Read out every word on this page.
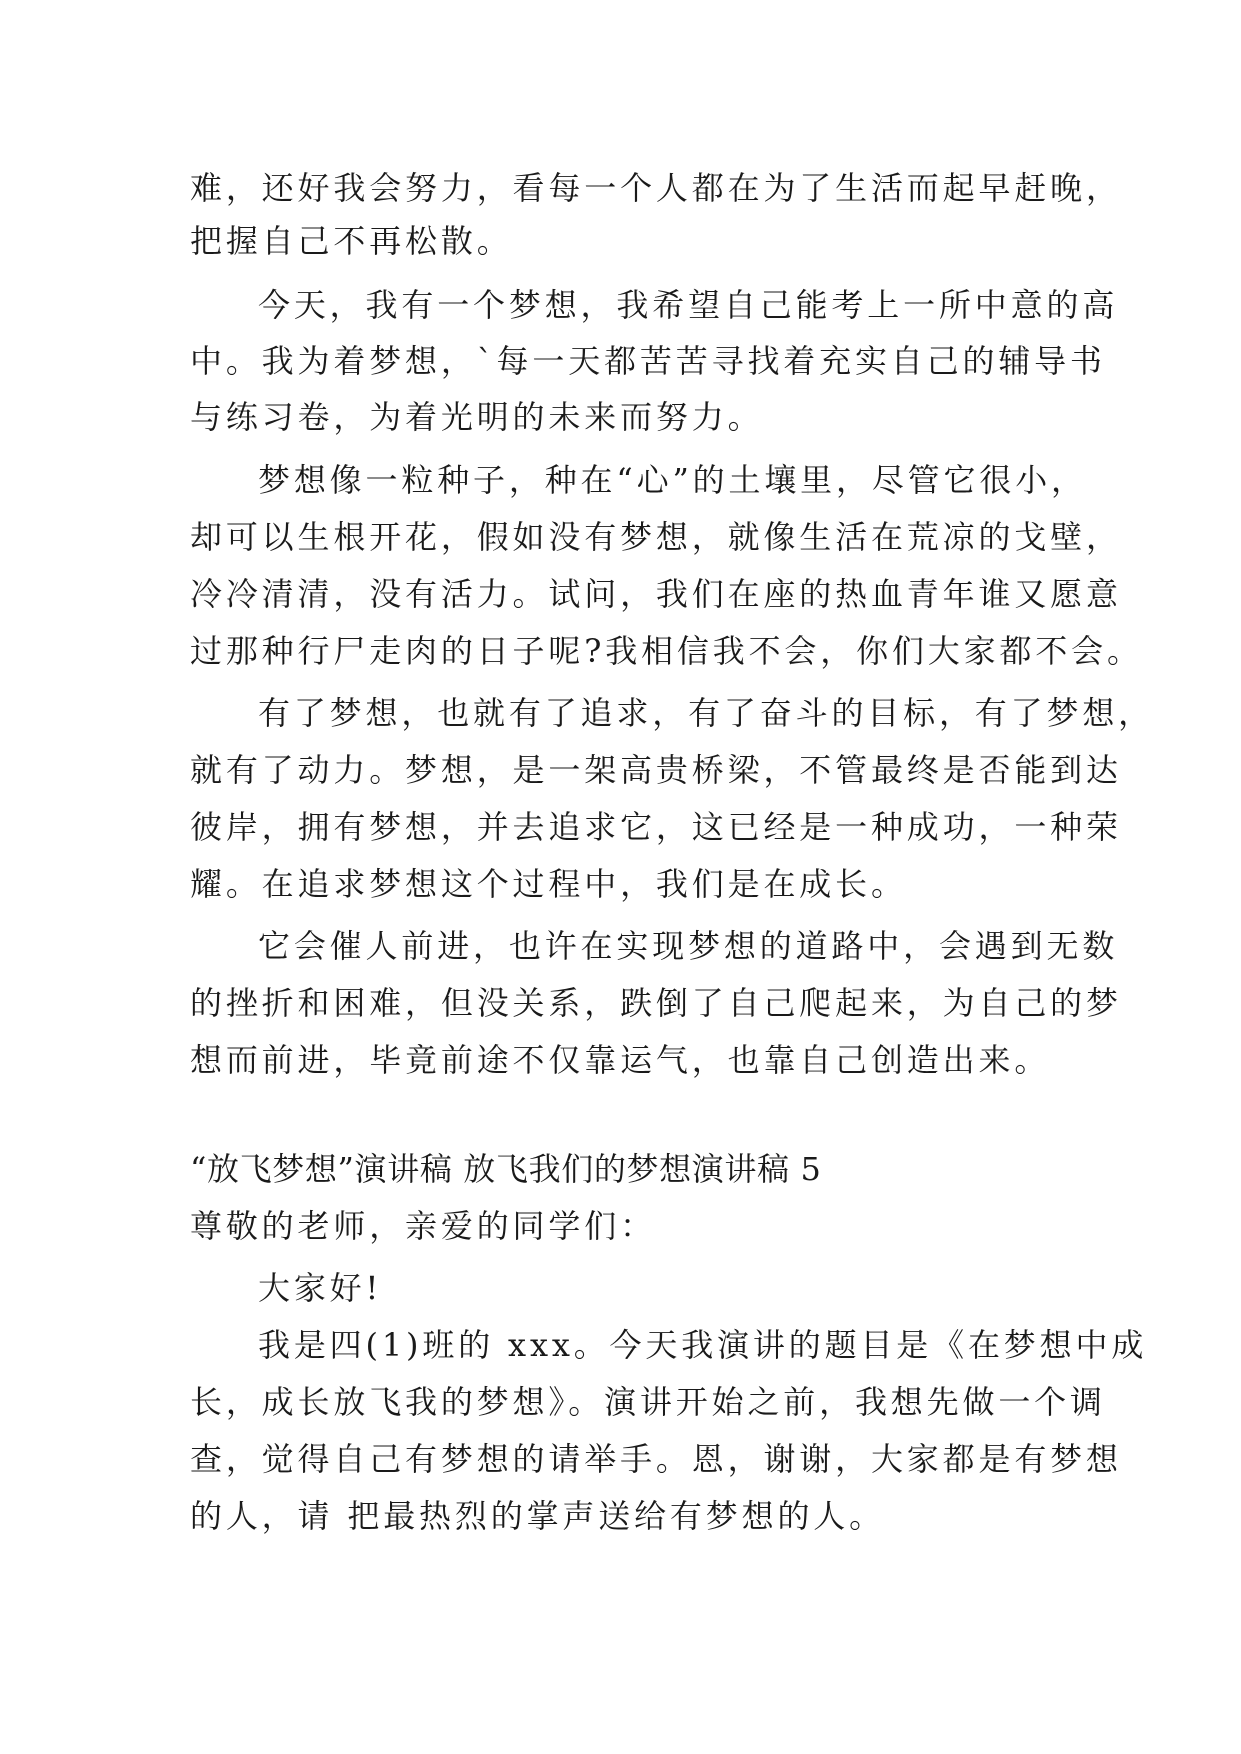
难，还好我会努力，看每一个人都在为了生活而起早赶晚，
把握自己不再松散。
今天，我有一个梦想，我希望自己能考上一所中意的高
中。我为着梦想，`每一天都苦苦寻找着充实自己的辅导书
与练习卷，为着光明的未来而努力。
梦想像一粒种子，种在“心”的土壤里，尽管它很小，
却可以生根开花，假如没有梦想，就像生活在荒凉的戈壁，
冷冷清清，没有活力。试问，我们在座的热血青年谁又愿意
过那种行尸走肉的日子呢?我相信我不会，你们大家都不会。
有了梦想，也就有了追求，有了奋斗的目标，有了梦想，
就有了动力。梦想，是一架高贵桥梁，不管最终是否能到达
彼岸，拥有梦想，并去追求它，这已经是一种成功，一种荣
耀。在追求梦想这个过程中，我们是在成长。
它会催人前进，也许在实现梦想的道路中，会遇到无数
的挫折和困难，但没关系，跌倒了自己爬起来，为自己的梦
想而前进，毕竟前途不仅靠运气，也靠自己创造出来。
“放飞梦想”演讲稿 放飞我们的梦想演讲稿 5
尊敬的老师，亲爱的同学们：
大家好!
我是四(1)班的 xxx。今天我演讲的题目是《在梦想中成
长，成长放飞我的梦想》。演讲开始之前，我想先做一个调
查，觉得自己有梦想的请举手。恩，谢谢，大家都是有梦想
的人，请 把最热烈的掌声送给有梦想的人。
